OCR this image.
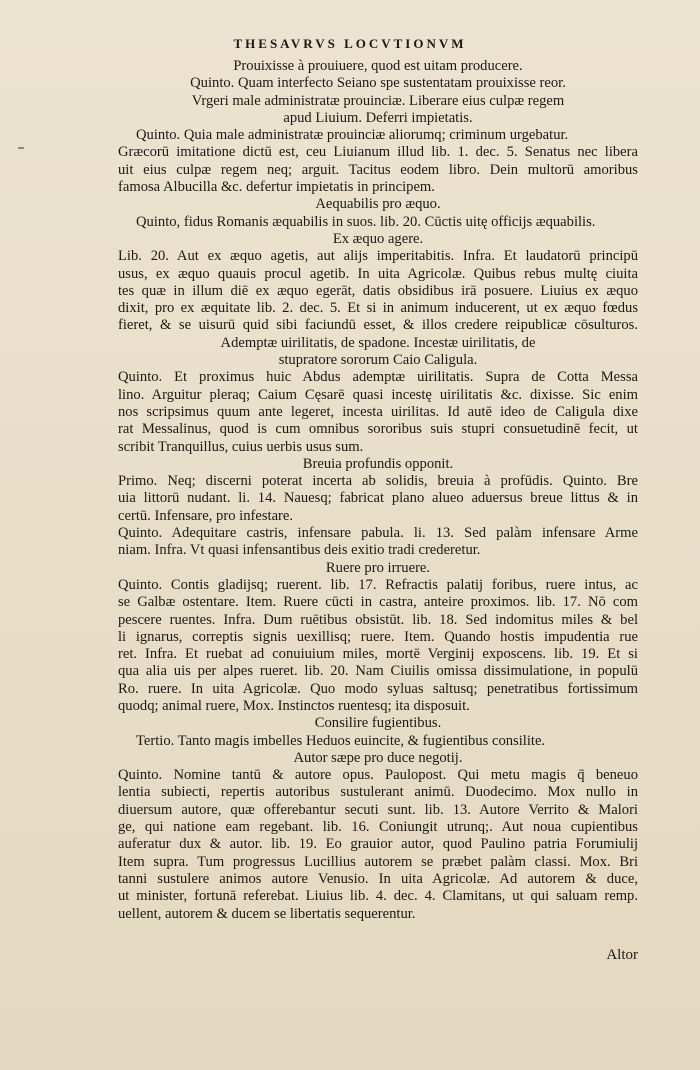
THESAVRVS LOCVTIONVM
Prouixisse à prouiuere, quod est uitam producere.
Quinto. Quam interfecto Seiano spe sustentatam prouixisse reor.
Vrgeri male administratæ prouinciæ. Liberare eius culpæ regem
apud Liuium. Deferri impietatis.
Quinto. Quia male administratæ prouinciæ aliorumq; criminum urgebatur.
Græcorū imitatione dictū est, ceu Liuianum illud lib. 1. dec. 5. Senatus nec libera
uit eius culpæ regem neq; arguit. Tacitus eodem libro. Dein multorū amoribus
famosa Albucilla &c. defertur impietatis in principem.
Aequabilis pro æquo.
Quinto, fidus Romanis æquabilis in suos. lib. 20. Cūctis uitę officijs æquabilis.
Ex æquo agere.
Lib. 20. Aut ex æquo agetis, aut alijs imperitabitis. Infra. Et laudatorū principū
usus, ex æquo quauis procul agetib. In uita Agricolæ. Quibus rebus multę ciuita
tes quæ in illum diē ex æquo egerāt, datis obsidibus irā posuere. Liuius ex æquo
dixit, pro ex æquitate lib. 2. dec. 5. Et si in animum inducerent, ut ex æquo fœdus
fieret, & se uisurū quid sibi faciundū esset, & illos credere reipublicæ cōsulturos.
Ademptæ uirilitatis, de spadone. Incestæ uirilitatis, de
stupratore sororum Caio Caligula.
Quinto. Et proximus huic Abdus ademptæ uirilitatis. Supra de Cotta Messa
lino. Arguitur pleraq; Caium Cęsarē quasi incestę uirilitatis &c. dixisse. Sic enim
nos scripsimus quum ante legeret, incesta uirilitas. Id autē ideo de Caligula dixe
rat Messalinus, quod is cum omnibus sororibus suis stupri consuetudinē fecit, ut
scribit Tranquillus, cuius uerbis usus sum.
Breuia profundis opponit.
Primo. Neq; discerni poterat incerta ab solidis, breuia à profūdis. Quinto. Bre
uia littorū nudant. li. 14. Nauesq; fabricat plano alueo aduersus breue littus & in
certū. Infensare, pro infestare.
Quinto. Adequitare castris, infensare pabula. li. 13. Sed palàm infensare Arme
niam. Infra. Vt quasi infensantibus deis exitio tradi crederetur.
Ruere pro irruere.
Quinto. Contis gladijsq; ruerent. lib. 17. Refractis palatij foribus, ruere intus, ac
se Galbæ ostentare. Item. Ruere cūcti in castra, anteire proximos. lib. 17. Nō com
pescere ruentes. Infra. Dum ruētibus obsistūt. lib. 18. Sed indomitus miles & bel
li ignarus, correptis signis uexillisq; ruere. Item. Quando hostis impudentia rue
ret. Infra. Et ruebat ad conuiuium miles, mortē Verginij exposcens. lib. 19. Et si
qua alia uis per alpes rueret. lib. 20. Nam Ciuilis omissa dissimulatione, in populū
Ro. ruere. In uita Agricolæ. Quo modo syluas saltusq; penetratibus fortissimum
quodq; animal ruere, Mox. Instinctos ruentesq; ita disposuit.
Consilire fugientibus.
Tertio. Tanto magis imbelles Heduos euincite, & fugientibus consilite.
Autor sæpe pro duce negotij.
Quinto. Nomine tantū & autore opus. Paulopost. Qui metu magis q̄ beneuo
lentia subiecti, repertis autoribus sustulerant animū. Duodecimo. Mox nullo in
diuersum autore, quæ offerebantur secuti sunt. lib. 13. Autore Verrito & Malori
ge, qui natione eam regebant. lib. 16. Coniungit utrunq;. Aut noua cupientibus
auferatur dux & autor. lib. 19. Eo grauior autor, quod Paulino patria Forumiulij
Item supra. Tum progressus Lucillius autorem se præbet palàm classi. Mox. Bri
tanni sustulere animos autore Venusio. In uita Agricolæ. Ad autorem & duce,
ut minister, fortunā referebat. Liuius lib. 4. dec. 4. Clamitans, ut qui saluam remp.
uellent, autorem & ducem se libertatis sequerentur.
Altor
